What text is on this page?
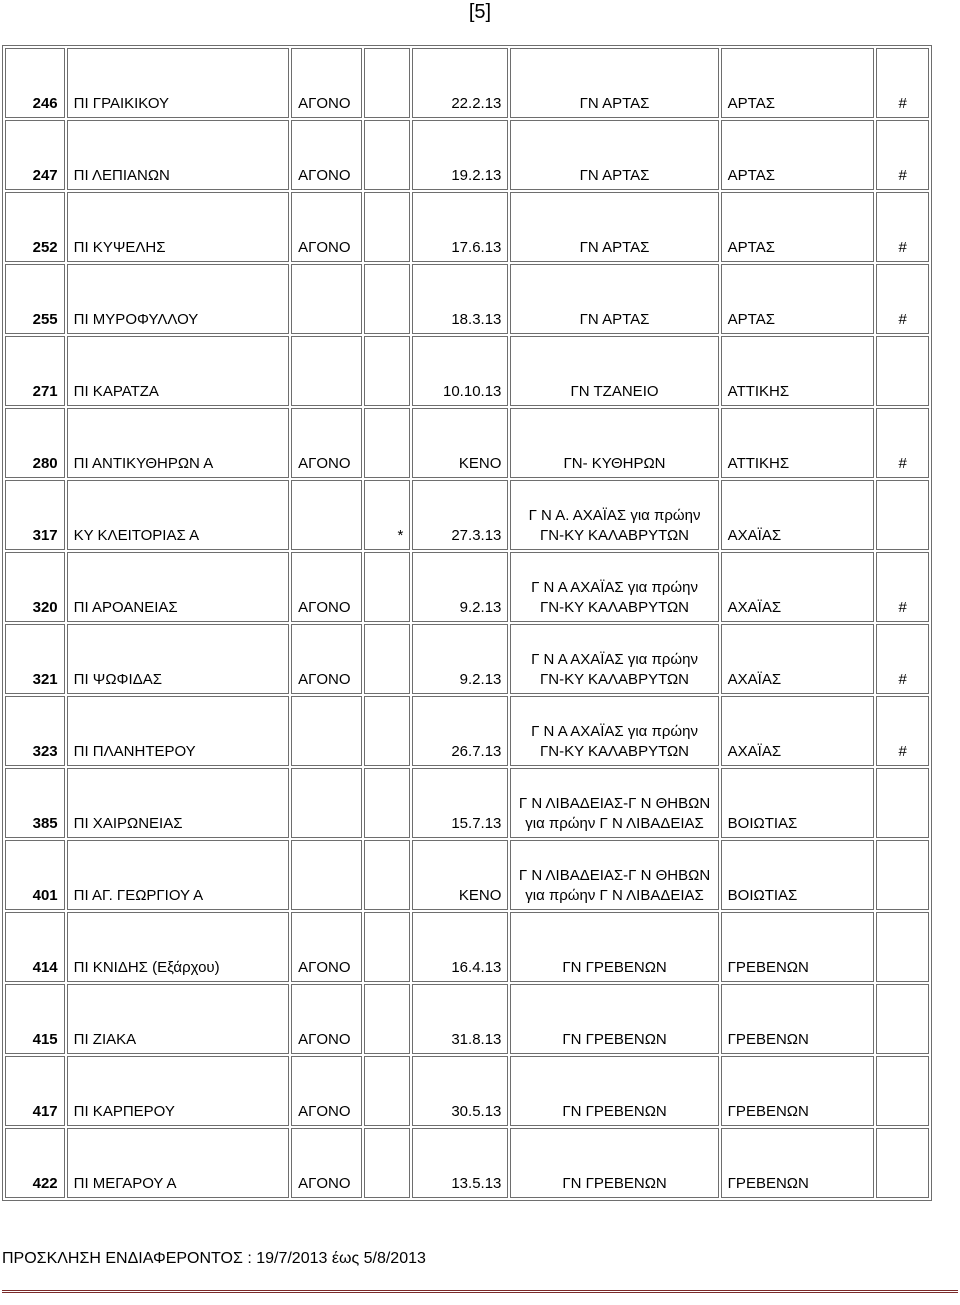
[5]
246	ΠΙ ΓΡΑΙΚΙΚΟΥ	ΑΓΟΝΟ		22.2.13	ΓΝ ΑΡΤΑΣ	ΑΡΤΑΣ	#
247	ΠΙ ΛΕΠΙΑΝΩΝ	ΑΓΟΝΟ		19.2.13	ΓΝ ΑΡΤΑΣ	ΑΡΤΑΣ	#
252	ΠΙ ΚΥΨΕΛΗΣ	ΑΓΟΝΟ		17.6.13	ΓΝ ΑΡΤΑΣ	ΑΡΤΑΣ	#
255	ΠΙ ΜΥΡΟΦΥΛΛΟΥ			18.3.13	ΓΝ ΑΡΤΑΣ	ΑΡΤΑΣ	#
271	ΠΙ ΚΑΡΑΤΖΑ			10.10.13	ΓΝ ΤΖΑΝΕΙΟ	ΑΤΤΙΚΗΣ	
280	ΠΙ ΑΝΤΙΚΥΘΗΡΩΝ Α	ΑΓΟΝΟ		ΚΕΝΟ	ΓΝ- ΚΥΘΗΡΩΝ	ΑΤΤΙΚΗΣ	#
317	ΚΥ ΚΛΕΙΤΟΡΙΑΣ Α		*	27.3.13	Γ Ν Α. ΑΧΑΪΑΣ για πρώην
ΓΝ-ΚΥ ΚΑΛΑΒΡΥΤΩΝ	ΑΧΑΪΑΣ	
320	ΠΙ ΑΡΟΑΝΕΙΑΣ	ΑΓΟΝΟ		9.2.13	Γ Ν Α ΑΧΑΪΑΣ για πρώην
ΓΝ-ΚΥ ΚΑΛΑΒΡΥΤΩΝ	ΑΧΑΪΑΣ	#
321	ΠΙ ΨΩΦΙΔΑΣ	ΑΓΟΝΟ		9.2.13	Γ Ν Α ΑΧΑΪΑΣ για πρώην
ΓΝ-ΚΥ ΚΑΛΑΒΡΥΤΩΝ	ΑΧΑΪΑΣ	#
323	ΠΙ ΠΛΑΝΗΤΕΡΟΥ			26.7.13	Γ Ν Α ΑΧΑΪΑΣ για πρώην
ΓΝ-ΚΥ ΚΑΛΑΒΡΥΤΩΝ	ΑΧΑΪΑΣ	#
385	ΠΙ ΧΑΙΡΩΝΕΙΑΣ			15.7.13	Γ Ν ΛΙΒΑΔΕΙΑΣ-Γ Ν ΘΗΒΩΝ
για πρώην Γ Ν ΛΙΒΑΔΕΙΑΣ	ΒΟΙΩΤΙΑΣ	
401	ΠΙ ΑΓ. ΓΕΩΡΓΙΟΥ Α			ΚΕΝΟ	Γ Ν ΛΙΒΑΔΕΙΑΣ-Γ Ν ΘΗΒΩΝ
για πρώην Γ Ν ΛΙΒΑΔΕΙΑΣ	ΒΟΙΩΤΙΑΣ	
414	ΠΙ ΚΝΙΔΗΣ (Εξάρχου)	ΑΓΟΝΟ		16.4.13	ΓΝ ΓΡΕΒΕΝΩΝ	ΓΡΕΒΕΝΩΝ	
415	ΠΙ ΖΙΑΚΑ	ΑΓΟΝΟ		31.8.13	ΓΝ ΓΡΕΒΕΝΩΝ	ΓΡΕΒΕΝΩΝ	
417	ΠΙ ΚΑΡΠΕΡΟΥ	ΑΓΟΝΟ		30.5.13	ΓΝ ΓΡΕΒΕΝΩΝ	ΓΡΕΒΕΝΩΝ	
422	ΠΙ ΜΕΓΑΡΟΥ Α	ΑΓΟΝΟ		13.5.13	ΓΝ ΓΡΕΒΕΝΩΝ	ΓΡΕΒΕΝΩΝ	
ΠΡΟΣΚΛΗΣΗ ΕΝΔΙΑΦΕΡΟΝΤΟΣ : 19/7/2013 έως 5/8/2013
